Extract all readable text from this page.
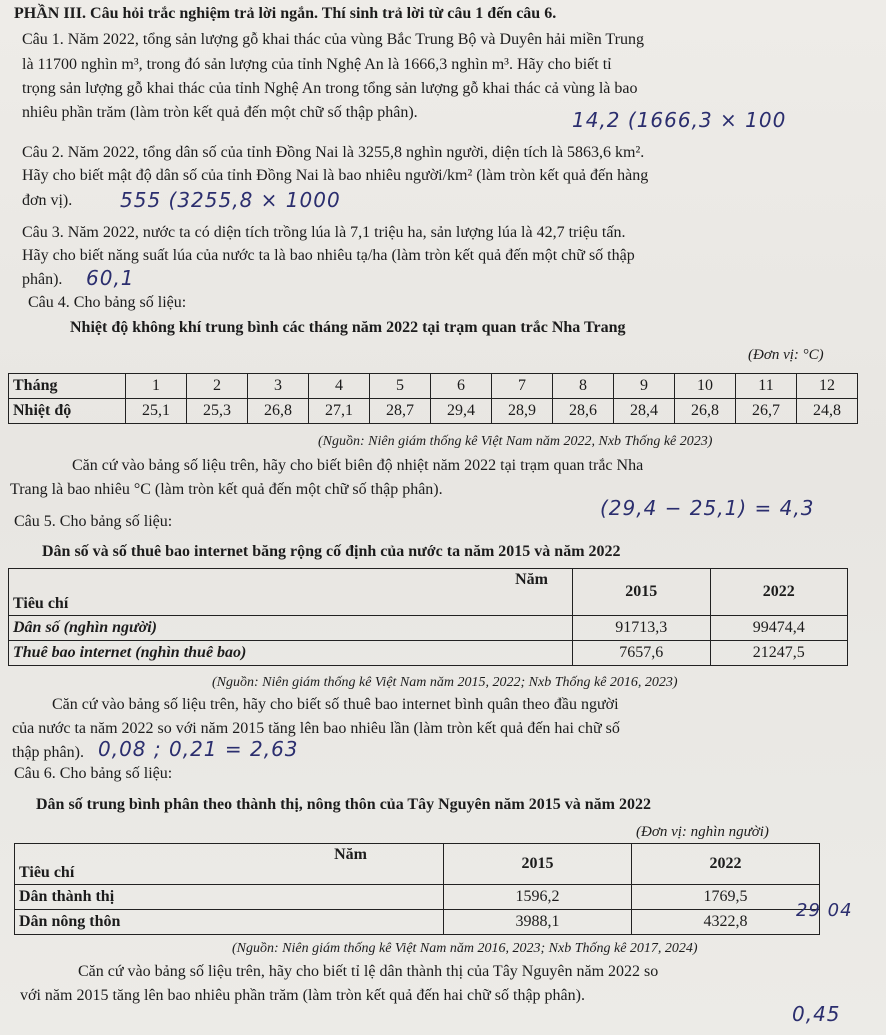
PHẦN III. Câu hỏi trắc nghiệm trả lời ngắn. Thí sinh trả lời từ câu 1 đến câu 6.
Câu 1. Năm 2022, tổng sản lượng gỗ khai thác của vùng Bắc Trung Bộ và Duyên hải miền Trung
là 11700 nghìn m³, trong đó sản lượng của tỉnh Nghệ An là 1666,3 nghìn m³. Hãy cho biết tỉ
trọng sản lượng gỗ khai thác của tỉnh Nghệ An trong tổng sản lượng gỗ khai thác cả vùng là bao
nhiêu phần trăm (làm tròn kết quả đến một chữ số thập phân).	14,2 (1666,3 × 100
Câu 2. Năm 2022, tổng dân số của tỉnh Đồng Nai là 3255,8 nghìn người, diện tích là 5863,6 km².
Hãy cho biết mật độ dân số của tỉnh Đồng Nai là bao nhiêu người/km² (làm tròn kết quả đến hàng
đơn vị). 555 (3255,8 × 1000
Câu 3. Năm 2022, nước ta có diện tích trồng lúa là 7,1 triệu ha, sản lượng lúa là 42,7 triệu tấn.
Hãy cho biết năng suất lúa của nước ta là bao nhiêu tạ/ha (làm tròn kết quả đến một chữ số thập
phân). 60,1
Câu 4. Cho bảng số liệu:
Nhiệt độ không khí trung bình các tháng năm 2022 tại trạm quan trắc Nha Trang
(Đơn vị: °C)
Tháng	1	2	3	4	5	6	7	8	9	10	11	12
Nhiệt độ	25,1	25,3	26,8	27,1	28,7	29,4	28,9	28,6	28,4	26,8	26,7	24,8
(Nguồn: Niên giám thống kê Việt Nam năm 2022, Nxb Thống kê 2023)
Căn cứ vào bảng số liệu trên, hãy cho biết biên độ nhiệt năm 2022 tại trạm quan trắc Nha
Trang là bao nhiêu °C (làm tròn kết quả đến một chữ số thập phân).
(29,4 − 25,1) = 4,3
Câu 5. Cho bảng số liệu:
Dân số và số thuê bao internet băng rộng cố định của nước ta năm 2015 và năm 2022
Năm
Tiêu chí	2015	2022
Dân số (nghìn người)	91713,3	99474,4
Thuê bao internet (nghìn thuê bao)	7657,6	21247,5
(Nguồn: Niên giám thống kê Việt Nam năm 2015, 2022; Nxb Thống kê 2016, 2023)
Căn cứ vào bảng số liệu trên, hãy cho biết số thuê bao internet bình quân theo đầu người
của nước ta năm 2022 so với năm 2015 tăng lên bao nhiêu lần (làm tròn kết quả đến hai chữ số
thập phân). 0,08 ; 0,21 = 2,63
Câu 6. Cho bảng số liệu:
Dân số trung bình phân theo thành thị, nông thôn của Tây Nguyên năm 2015 và năm 2022
(Đơn vị: nghìn người)
Năm
Tiêu chí	2015	2022
Dân thành thị	1596,2	1769,5
Dân nông thôn	3988,1	4322,8
29 04
(Nguồn: Niên giám thống kê Việt Nam năm 2016, 2023; Nxb Thống kê 2017, 2024)
Căn cứ vào bảng số liệu trên, hãy cho biết tỉ lệ dân thành thị của Tây Nguyên năm 2022 so
với năm 2015 tăng lên bao nhiêu phần trăm (làm tròn kết quả đến hai chữ số thập phân).
0,45
